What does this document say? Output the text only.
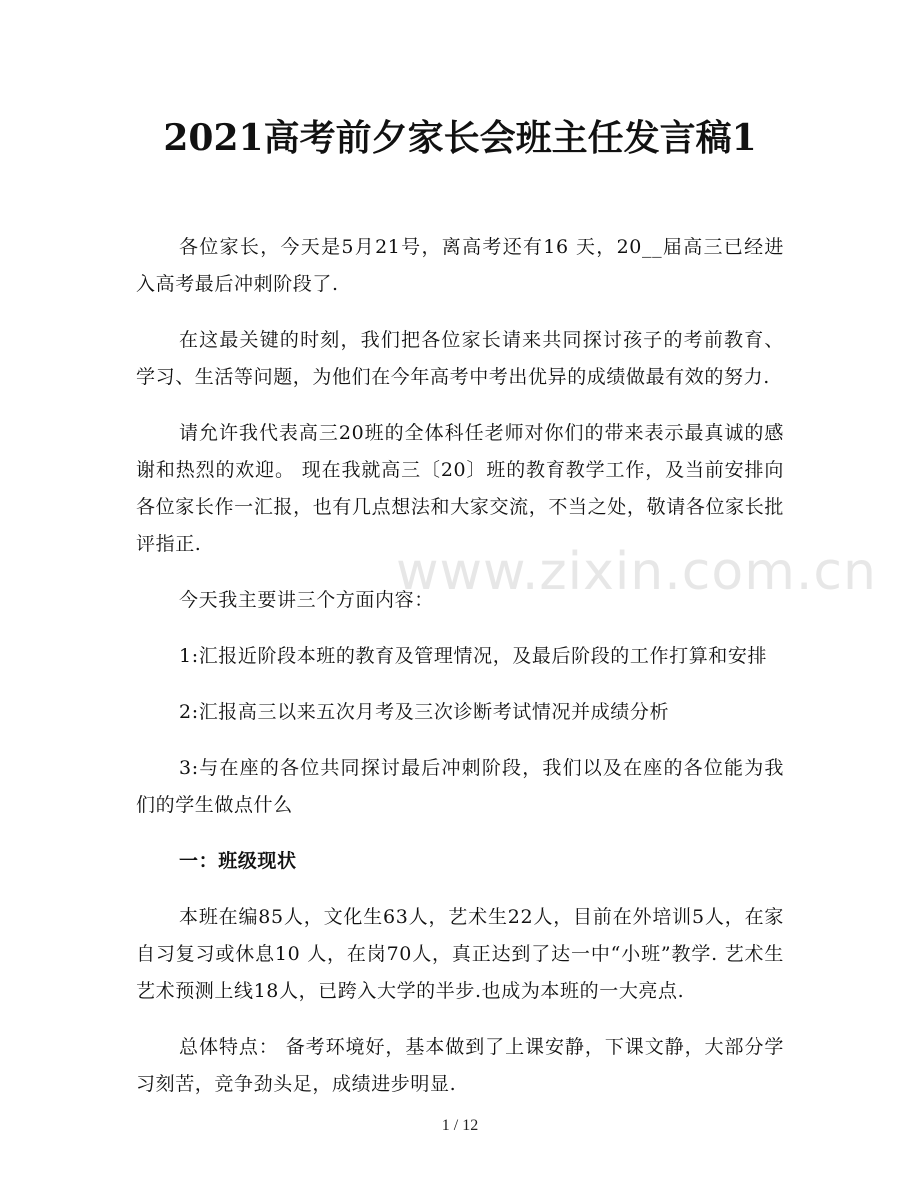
2021高考前夕家长会班主任发言稿1
www.zixin.com.cn

各位家长，今天是5月21号，离高考还有16 天，20__届高三已经进入高考最后冲刺阶段了.

在这最关键的时刻，我们把各位家长请来共同探讨孩子的考前教育、学习、生活等问题，为他们在今年高考中考出优异的成绩做最有效的努力.

请允许我代表高三20班的全体科任老师对你们的带来表示最真诚的感谢和热烈的欢迎。 现在我就高三〔20〕班的教育教学工作，及当前安排向各位家长作一汇报，也有几点想法和大家交流，不当之处，敬请各位家长批评指正.

今天我主要讲三个方面内容：

1:汇报近阶段本班的教育及管理情况，及最后阶段的工作打算和安排

2:汇报高三以来五次月考及三次诊断考试情况并成绩分析

3:与在座的各位共同探讨最后冲刺阶段，我们以及在座的各位能为我们的学生做点什么

一：班级现状

本班在编85人，文化生63人，艺术生22人，目前在外培训5人，在家自习复习或休息10 人，在岗70人，真正达到了达一中“小班”教学. 艺术生艺术预测上线18人，已跨入大学的半步.也成为本班的一大亮点.

总体特点： 备考环境好，基本做到了上课安静，下课文静，大部分学习刻苦，竞争劲头足，成绩进步明显.

1 / 12
